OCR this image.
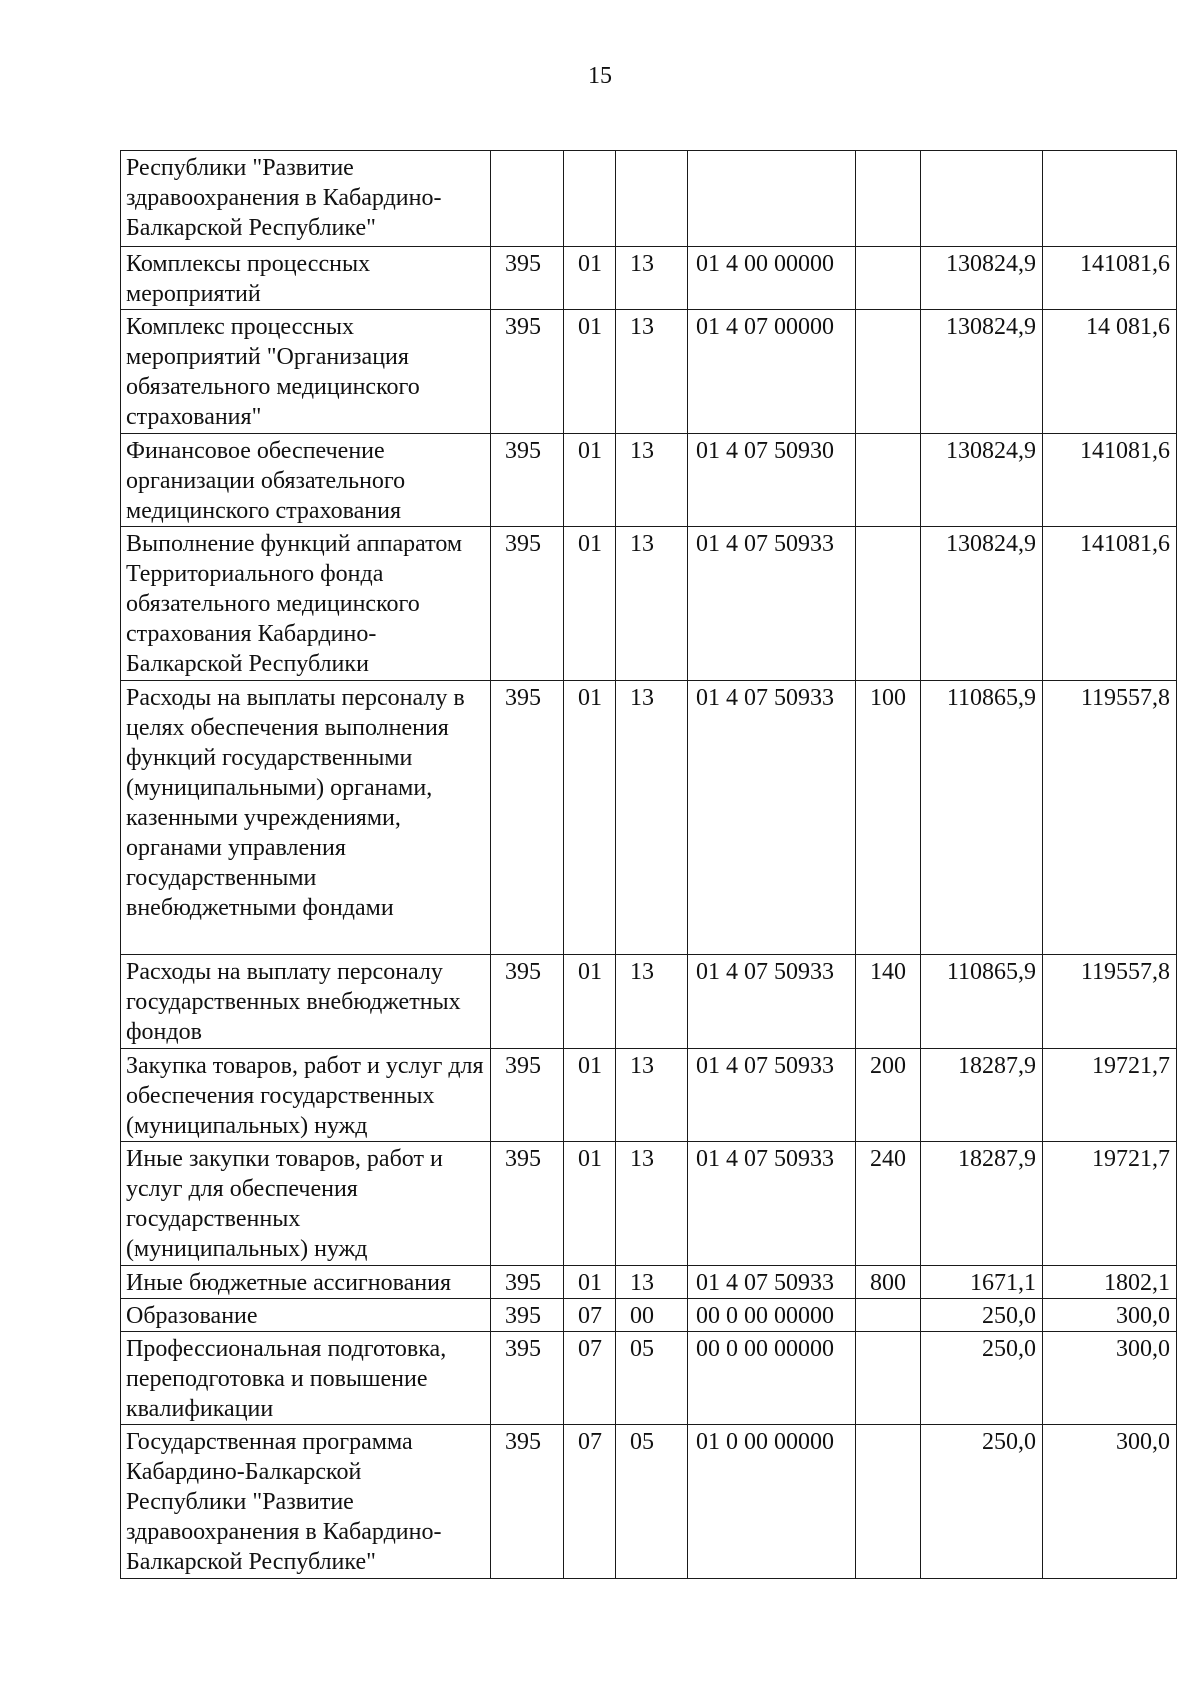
15
Республики "Развитие здравоохранения в Кабардино-Балкарской Республике"							
Комплексы процессных мероприятий	395	01	13	01 4 00 00000		130824,9	141081,6
Комплекс процессных мероприятий "Организация обязательного медицинского страхования"	395	01	13	01 4 07 00000		130824,9	14 081,6
Финансовое обеспечение организации обязательного медицинского страхования	395	01	13	01 4 07 50930		130824,9	141081,6
Выполнение функций аппаратом Территориального фонда обязательного медицинского страхования Кабардино-Балкарской Республики	395	01	13	01 4 07 50933		130824,9	141081,6
Расходы на выплаты персоналу в целях обеспечения выполнения функций государственными (муниципальными) органами, казенными учреждениями, органами управления государственными внебюджетными фондами	395	01	13	01 4 07 50933	100	110865,9	119557,8
Расходы на выплату персоналу государственных внебюджетных фондов	395	01	13	01 4 07 50933	140	110865,9	119557,8
Закупка товаров, работ и услуг для обеспечения государственных (муниципальных) нужд	395	01	13	01 4 07 50933	200	18287,9	19721,7
Иные закупки товаров, работ и услуг для обеспечения государственных (муниципальных) нужд	395	01	13	01 4 07 50933	240	18287,9	19721,7
Иные бюджетные ассигнования	395	01	13	01 4 07 50933	800	1671,1	1802,1
Образование	395	07	00	00 0 00 00000		250,0	300,0
Профессиональная подготовка, переподготовка и повышение квалификации	395	07	05	00 0 00 00000		250,0	300,0
Государственная программа Кабардино-Балкарской Республики "Развитие здравоохранения в Кабардино-Балкарской Республике"	395	07	05	01 0 00 00000		250,0	300,0
